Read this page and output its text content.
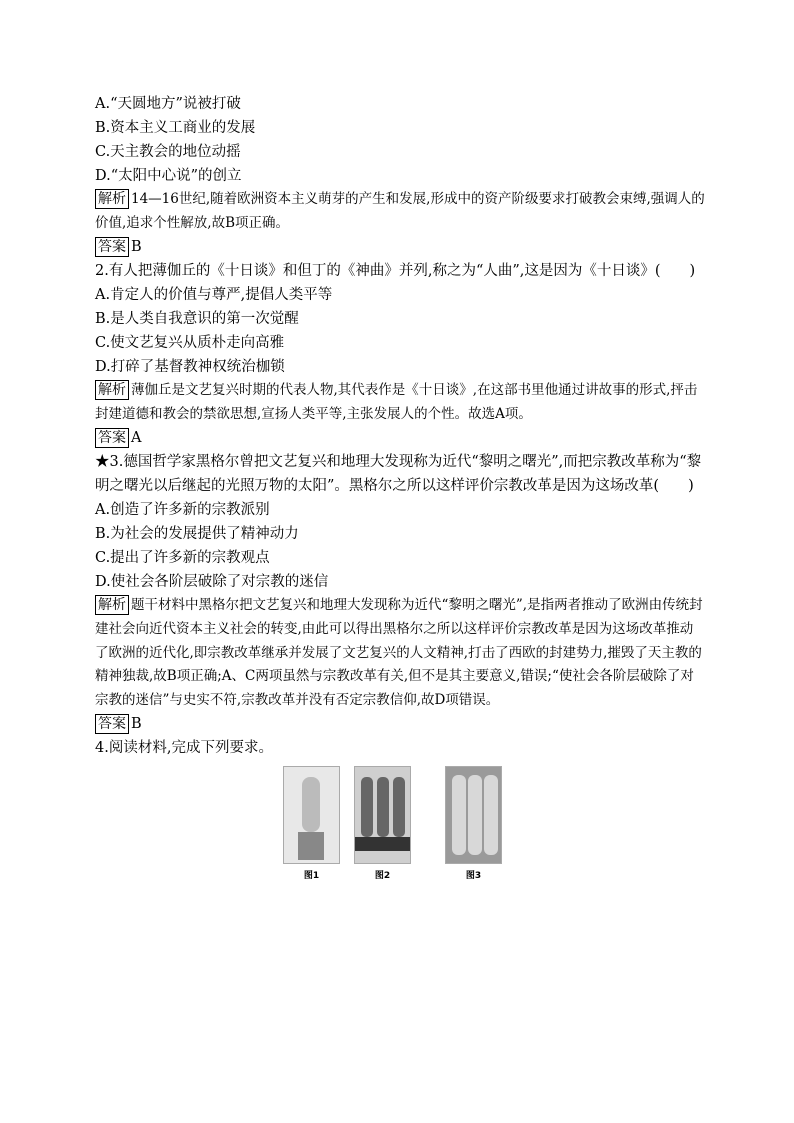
A.“天圆地方”说被打破
B.资本主义工商业的发展
C.天主教会的地位动摇
D.“太阳中心说”的创立
解析 14—16世纪,随着欧洲资本主义萌芽的产生和发展,形成中的资产阶级要求打破教会束缚,强调人的价值,追求个性解放,故B项正确。
答案 B
2.有人把薄伽丘的《十日谈》和但丁的《神曲》并列,称之为“人曲”,这是因为《十日谈》(　　)
A.肯定人的价值与尊严,提倡人类平等
B.是人类自我意识的第一次觉醒
C.使文艺复兴从质朴走向高雅
D.打碎了基督教神权统治枷锁
解析 薄伽丘是文艺复兴时期的代表人物,其代表作是《十日谈》,在这部书里他通过讲故事的形式,抨击封建道德和教会的禁欲思想,宣扬人类平等,主张发展人的个性。故选A项。
答案 A
★3.德国哲学家黑格尔曾把文艺复兴和地理大发现称为近代“黎明之曙光”,而把宗教改革称为“黎明之曙光以后继起的光照万物的太阳”。黑格尔之所以这样评价宗教改革是因为这场改革(　　)
A.创造了许多新的宗教派别
B.为社会的发展提供了精神动力
C.提出了许多新的宗教观点
D.使社会各阶层破除了对宗教的迷信
解析 题干材料中黑格尔把文艺复兴和地理大发现称为近代“黎明之曙光”,是指两者推动了欧洲由传统封建社会向近代资本主义社会的转变,由此可以得出黑格尔之所以这样评价宗教改革是因为这场改革推动了欧洲的近代化,即宗教改革继承并发展了文艺复兴的人文精神,打击了西欧的封建势力,摧毁了天主教的精神独裁,故B项正确;A、C两项虽然与宗教改革有关,但不是其主要意义,错误;“使社会各阶层破除了对宗教的迷信”与史实不符,宗教改革并没有否定宗教信仰,故D项错误。
答案 B
4.阅读材料,完成下列要求。
图1	图2	图3
